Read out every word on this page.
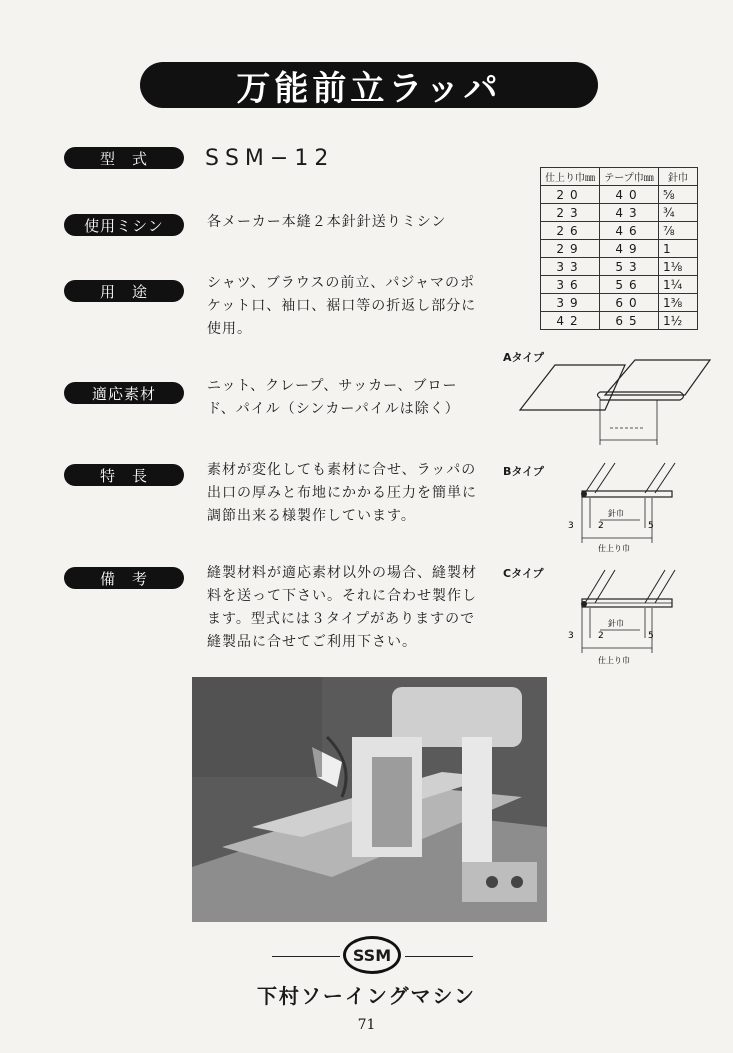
万能前立ラッパ
型　式	SSM−12
使用ミシン	各メーカー本縫２本針針送りミシン
用　途	シャツ、ブラウスの前立、パジャマのポケット口、袖口、裾口等の折返し部分に使用。
適応素材	ニット、クレープ、サッカー、ブロード、パイル（シンカーパイルは除く）
特　長	素材が変化しても素材に合せ、ラッパの出口の厚みと布地にかかる圧力を簡単に調節出来る様製作しています。
備　考	縫製材料が適応素材以外の場合、縫製材料を送って下さい。それに合わせ製作します。型式には３タイプがありますので縫製品に合せてご利用下さい。
仕上り巾㎜	テープ巾㎜	針巾
20	40	⅝
23	43	¾
26	46	⅞
29	49	1
33	53	1⅛
36	56	1¼
39	60	1⅜
42	65	1½
Aタイプ
Bタイプ
3	2	5
針巾
仕上り巾
Cタイプ
3	2	5
針巾
仕上り巾
SSM
下村ソーイングマシン
71
